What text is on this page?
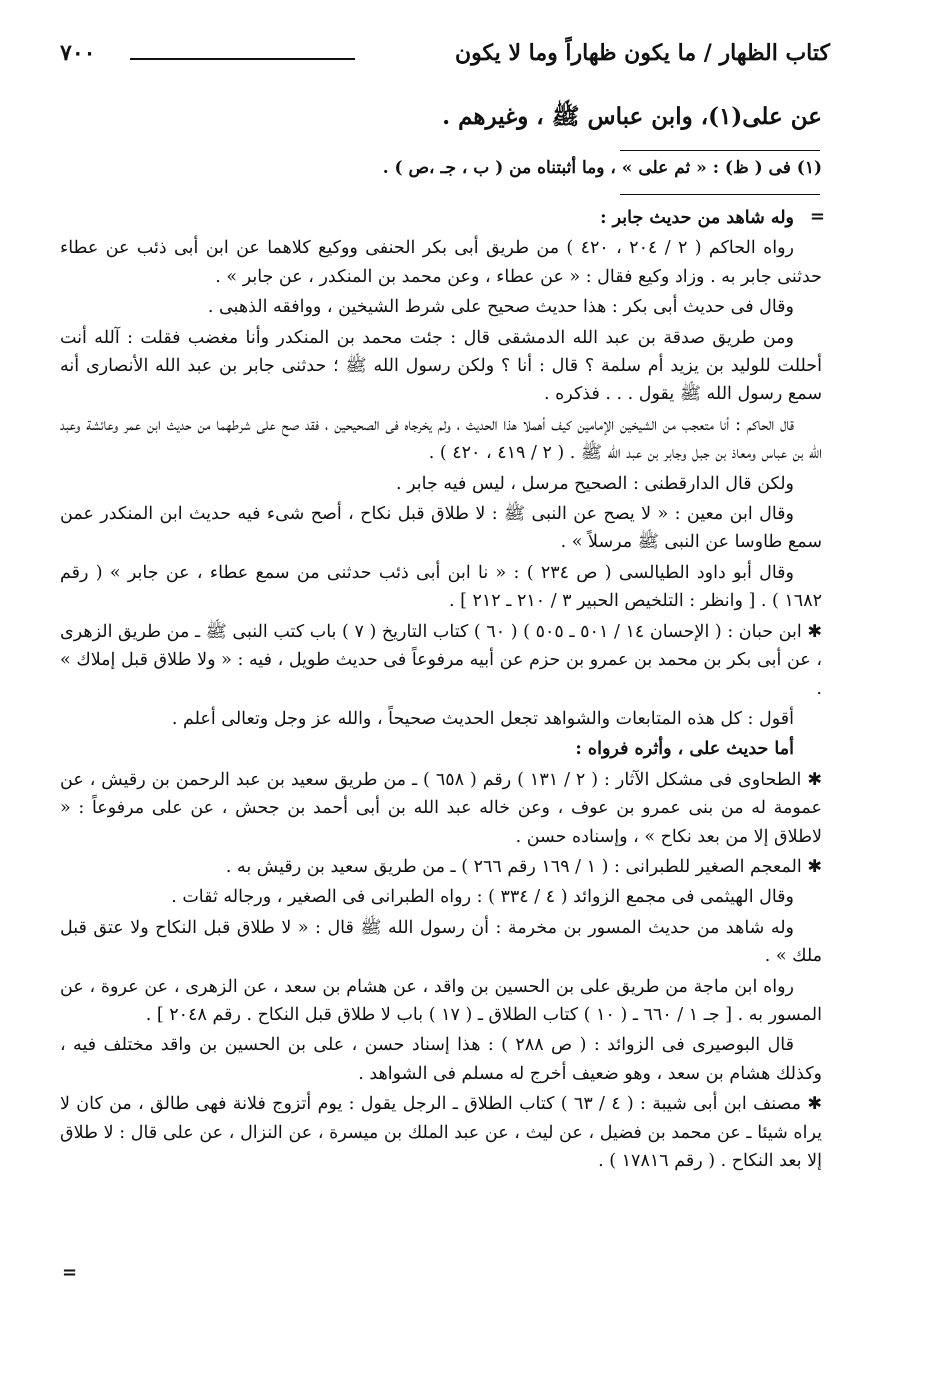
كتاب الظهار / ما يكون ظهاراً وما لا يكون
٧٠٠
عن على(١)، وابن عباس ﷺ ، وغيرهم .
(١) فى ( ظ) : « ثم على » ، وما أثبتناه من ( ب ، جـ ،ص ) .
=

وله شاهد من حديث جابر :

رواه الحاكم ( ٢ / ٢٠٤ ، ٤٢٠ ) من طريق أبى بكر الحنفى ووكيع كلاهما عن ابن أبى ذئب عن عطاء حدثنى جابر به . وزاد وكيع فقال : « عن عطاء ، وعن محمد بن المنكدر ، عن جابر » .

وقال فى حديث أبى بكر : هذا حديث صحيح على شرط الشيخين ، ووافقه الذهبى .

ومن طريق صدقة بن عبد الله الدمشقى قال : جئت محمد بن المنكدر وأنا مغضب فقلت : آلله أنت أحللت للوليد بن يزيد أم سلمة ؟ قال : أنا ؟ ولكن رسول الله ﷺ ؛ حدثنى جابر بن عبد الله الأنصارى أنه سمع رسول الله ﷺ يقول . . . فذكره .

قال الحاكم : أنا متعجب من الشيخين الإمامين كيف أهملا هذا الحديث ، ولم يخرجاه فى الصحيحين ، فقد صح على شرطهما من حديث ابن عمر وعائشة وعبد الله بن عباس ومعاذ بن جبل وجابر بن عبد الله ﷺ . ( ٢ / ٤١٩ ، ٤٢٠ ) .

ولكن قال الدارقطنى : الصحيح مرسل ، ليس فيه جابر .

وقال ابن معين : « لا يصح عن النبى ﷺ : لا طلاق قبل نكاح ، أصح شىء فيه حديث ابن المنكدر عمن سمع طاوسا عن النبى ﷺ مرسلاً » .

وقال أبو داود الطيالسى ( ص ٢٣٤ ) : « نا ابن أبى ذئب حدثنى من سمع عطاء ، عن جابر » ( رقم ١٦٨٢ ) . [ وانظر : التلخيص الحبير ٣ / ٢١٠ ـ ٢١٢ ] .

✱ ابن حبان : ( الإحسان ١٤ / ٥٠١ ـ ٥٠٥ ) ( ٦٠ ) كتاب التاريخ ( ٧ ) باب كتب النبى ﷺ ـ من طريق الزهرى ، عن أبى بكر بن محمد بن عمرو بن حزم عن أبيه مرفوعاً فى حديث طويل ، فيه : « ولا طلاق قبل إملاك » .

أقول : كل هذه المتابعات والشواهد تجعل الحديث صحيحاً ، والله عز وجل وتعالى أعلم .

أما حديث على ، وأثره فرواه :

✱ الطحاوى فى مشكل الآثار : ( ٢ / ١٣١ ) رقم ( ٦٥٨ ) ـ من طريق سعيد بن عبد الرحمن بن رقيش ، عن عمومة له من بنى عمرو بن عوف ، وعن خاله عبد الله بن أبى أحمد بن جحش ، عن على مرفوعاً : « لاطلاق إلا من بعد نكاح » ، وإسناده حسن .

✱ المعجم الصغير للطبرانى : ( ١ / ١٦٩ رقم ٢٦٦ ) ـ من طريق سعيد بن رقيش به .

وقال الهيثمى فى مجمع الزوائد ( ٤ / ٣٣٤ ) : رواه الطبرانى فى الصغير ، ورجاله ثقات .

وله شاهد من حديث المسور بن مخرمة : أن رسول الله ﷺ قال : « لا طلاق قبل النكاح ولا عتق قبل ملك » .

رواه ابن ماجة من طريق على بن الحسين بن واقد ، عن هشام بن سعد ، عن الزهرى ، عن عروة ، عن المسور به . [ جـ ١ / ٦٦٠ ـ ( ١٠ ) كتاب الطلاق ـ ( ١٧ ) باب لا طلاق قبل النكاح . رقم ٢٠٤٨ ] .

قال البوصيرى فى الزوائد : ( ص ٢٨٨ ) : هذا إسناد حسن ، على بن الحسين بن واقد مختلف فيه ، وكذلك هشام بن سعد ، وهو ضعيف أخرج له مسلم فى الشواهد .

✱ مصنف ابن أبى شيبة : ( ٤ / ٦٣ ) كتاب الطلاق ـ الرجل يقول : يوم أتزوج فلانة فهى طالق ، من كان لا يراه شيئا ـ عن محمد بن فضيل ، عن ليث ، عن عبد الملك بن ميسرة ، عن النزال ، عن على قال : لا طلاق إلا بعد النكاح . ( رقم ١٧٨١٦ ) .

=
